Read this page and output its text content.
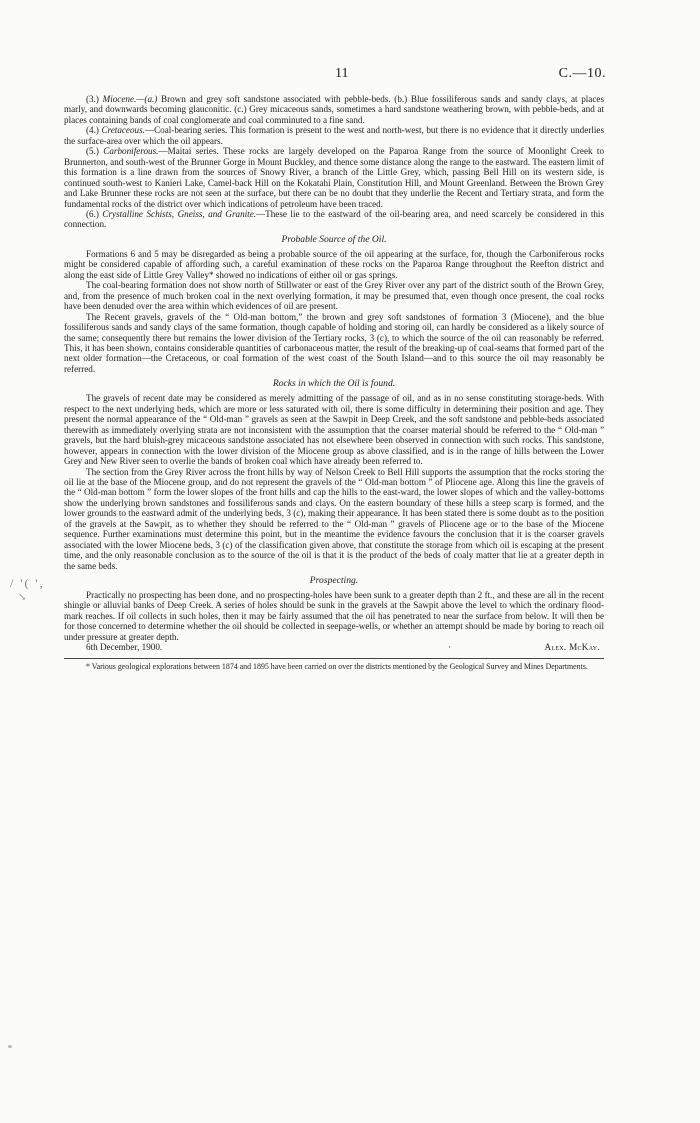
/ '( ',
↘
11	C.—10.

(3.) Miocene.—(a.) Brown and grey soft sandstone associated with pebble-beds. (b.) Blue fossiliferous sands and sandy clays, at places marly, and downwards becoming glauconitic. (c.) Grey micaceous sands, sometimes a hard sandstone weathering brown, with pebble-beds, and at places containing bands of coal conglomerate and coal comminuted to a fine sand.

(4.) Cretaceous.—Coal-bearing series. This formation is present to the west and north-west, but there is no evidence that it directly underlies the surface-area over which the oil appears.

(5.) Carboniferous.—Maitai series. These rocks are largely developed on the Paparoa Range from the source of Moonlight Creek to Brunnerton, and south-west of the Brunner Gorge in Mount Buckley, and thence some distance along the range to the eastward. The eastern limit of this formation is a line drawn from the sources of Snowy River, a branch of the Little Grey, which, passing Bell Hill on its western side, is continued south-west to Kanieri Lake, Camel-back Hill on the Kokatahi Plain, Constitution Hill, and Mount Greenland. Between the Brown Grey and Lake Brunner these rocks are not seen at the surface, but there can be no doubt that they underlie the Recent and Tertiary strata, and form the fundamental rocks of the district over which indications of petroleum have been traced.

(6.) Crystalline Schists, Gneiss, and Granite.—These lie to the eastward of the oil-bearing area, and need scarcely be considered in this connection.

Probable Source of the Oil.

Formations 6 and 5 may be disregarded as being a probable source of the oil appearing at the surface, for, though the Carboniferous rocks might be considered capable of affording such, a careful examination of these rocks on the Paparoa Range throughout the Reefton district and along the east side of Little Grey Valley* showed no indications of either oil or gas springs.

The coal-bearing formation does not show north of Stillwater or east of the Grey River over any part of the district south of the Brown Grey, and, from the presence of much broken coal in the next overlying formation, it may be presumed that, even though once present, the coal rocks have been denuded over the area within which evidences of oil are present.

The Recent gravels, gravels of the “ Old-man bottom,” the brown and grey soft sandstones of formation 3 (Miocene), and the blue fossiliferous sands and sandy clays of the same formation, though capable of holding and storing oil, can hardly be considered as a likely source of the same; consequently there but remains the lower division of the Tertiary rocks, 3 (c), to which the source of the oil can reasonably be referred. This, it has been shown, contains considerable quantities of carbonaceous matter, the result of the breaking-up of coal-seams that formed part of the next older formation—the Cretaceous, or coal formation of the west coast of the South Island—and to this source the oil may reasonably be referred.

Rocks in which the Oil is found.

The gravels of recent date may be considered as merely admitting of the passage of oil, and as in no sense constituting storage-beds. With respect to the next underlying beds, which are more or less saturated with oil, there is some difficulty in determining their position and age. They present the normal appearance of the “ Old-man ” gravels as seen at the Sawpit in Deep Creek, and the soft sandstone and pebble-beds associated therewith as immediately overlying strata are not inconsistent with the assumption that the coarser material should be referred to the “ Old-man ” gravels, but the hard bluish-grey micaceous sandstone associated has not elsewhere been observed in connection with such rocks. This sandstone, however, appears in connection with the lower division of the Miocene group as above classified, and is in the range of hills between the Lower Grey and New River seen to overlie the bands of broken coal which have already been referred to.

The section from the Grey River across the front hills by way of Nelson Creek to Bell Hill supports the assumption that the rocks storing the oil lie at the base of the Miocene group, and do not represent the gravels of the “ Old-man bottom ” of Pliocene age. Along this line the gravels of the “ Old-man bottom ” form the lower slopes of the front hills and cap the hills to the east-ward, the lower slopes of which and the valley-bottoms show the underlying brown sandstones and fossiliferous sands and clays. On the eastern boundary of these hills a steep scarp is formed, and the lower grounds to the eastward admit of the underlying beds, 3 (c), making their appearance. It has been stated there is some doubt as to the position of the gravels at the Sawpit, as to whether they should be referred to the “ Old-man ” gravels of Pliocene age or to the base of the Miocene sequence. Further examinations must determine this point, but in the meantime the evidence favours the conclusion that it is the coarser gravels associated with the lower Miocene beds, 3 (c) of the classification given above, that constitute the storage from which oil is escaping at the present time, and the only reasonable conclusion as to the source of the oil is that it is the product of the beds of coaly matter that lie at a greater depth in the same beds.

Prospecting.

Practically no prospecting has been done, and no prospecting-holes have been sunk to a greater depth than 2 ft., and these are all in the recent shingle or alluvial banks of Deep Creek. A series of holes should be sunk in the gravels at the Sawpit above the level to which the ordinary flood-mark reaches. If oil collects in such holes, then it may be fairly assumed that the oil has penetrated to near the surface from below. It will then be for those concerned to determine whether the oil should be collected in seepage-wells, or whether an attempt should be made by boring to reach oil under pressure at greater depth.

6th December, 1900.	·	Alex. McKay.

* Various geological explorations between 1874 and 1895 have been carried on over the districts mentioned by the Geological Survey and Mines Departments.
